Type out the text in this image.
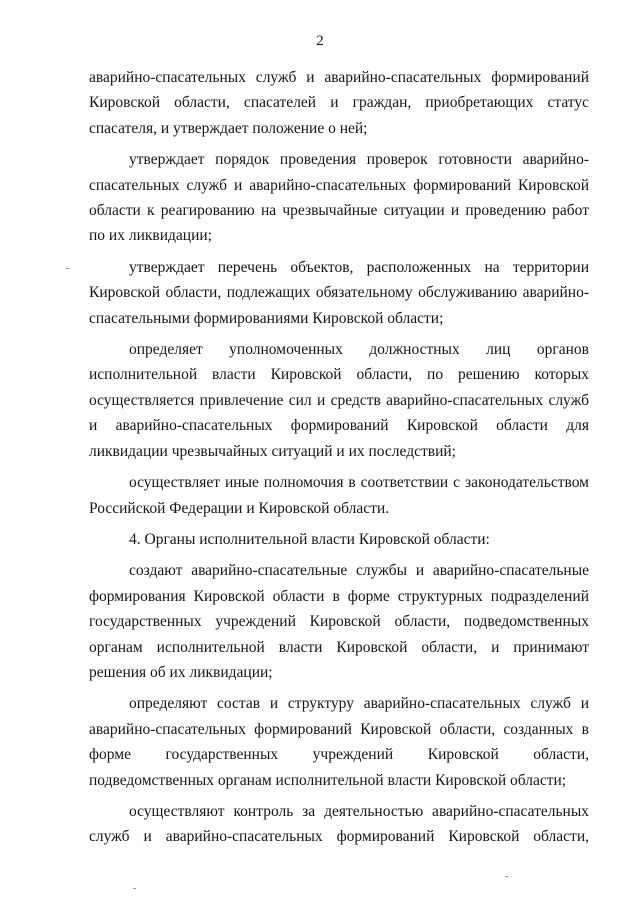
2

аварийно-спасательных служб и аварийно-спасательных формирований Кировской области, спасателей и граждан, приобретающих статус спасателя, и утверждает положение о ней;

утверждает порядок проведения проверок готовности аварийно-спасательных служб и аварийно-спасательных формирований Кировской области к реагированию на чрезвычайные ситуации и проведению работ по их ликвидации;

утверждает перечень объектов, расположенных на территории Кировской области, подлежащих обязательному обслуживанию аварийно-спасательными формированиями Кировской области;

определяет уполномоченных должностных лиц органов исполнительной власти Кировской области, по решению которых осуществляется привлечение сил и средств аварийно-спасательных служб и аварийно-спасательных формирований Кировской области для ликвидации чрезвычайных ситуаций и их последствий;

осуществляет иные полномочия в соответствии с законодательством Российской Федерации и Кировской области.

4. Органы исполнительной власти Кировской области:

создают аварийно-спасательные службы и аварийно-спасательные формирования Кировской области в форме структурных подразделений государственных учреждений Кировской области, подведомственных органам исполнительной власти Кировской области, и принимают решения об их ликвидации;

определяют состав и структуру аварийно-спасательных служб и аварийно-спасательных формирований Кировской области, созданных в форме государственных учреждений Кировской области, подведомственных органам исполнительной власти Кировской области;

осуществляют контроль за деятельностью аварийно-спасательных служб и аварийно-спасательных формирований Кировской области,
